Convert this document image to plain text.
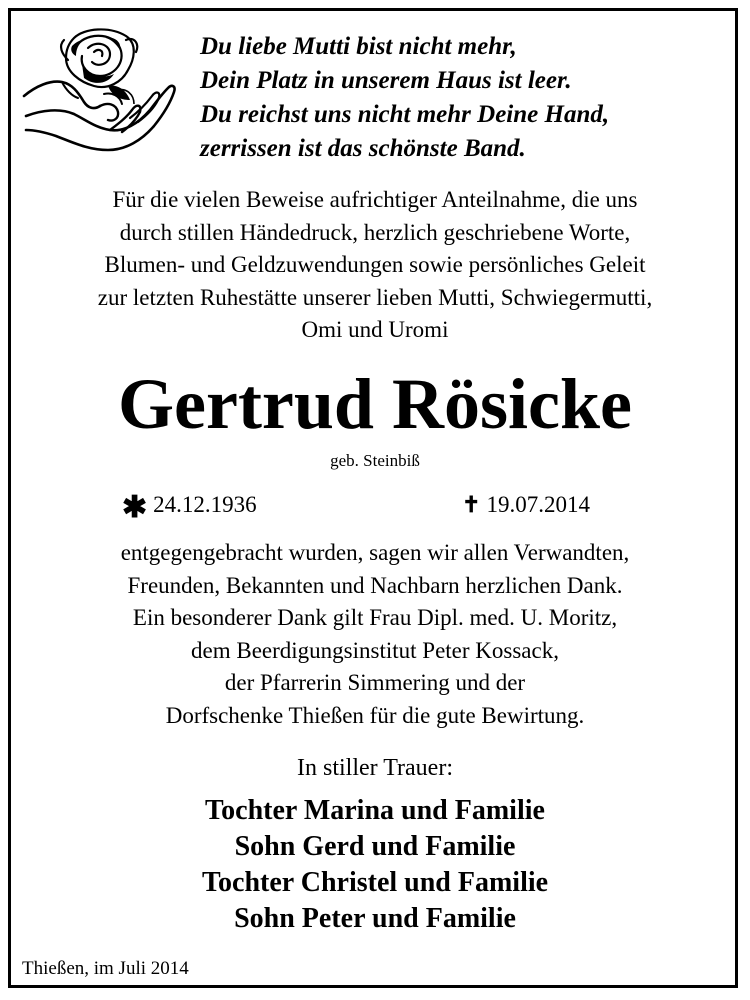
Du liebe Mutti bist nicht mehr,
Dein Platz in unserem Haus ist leer.
Du reichst uns nicht mehr Deine Hand,
zerrissen ist das schönste Band.
Für die vielen Beweise aufrichtiger Anteilnahme, die uns
durch stillen Händedruck, herzlich geschriebene Worte,
Blumen- und Geldzuwendungen sowie persönliches Geleit
zur letzten Ruhestätte unserer lieben Mutti, Schwiegermutti,
Omi und Uromi
Gertrud Rösicke
geb. Steinbiß
✱ 24.12.1936	✝ 19.07.2014
entgegengebracht wurden, sagen wir allen Verwandten,
Freunden, Bekannten und Nachbarn herzlichen Dank.
Ein besonderer Dank gilt Frau Dipl. med. U. Moritz,
dem Beerdigungsinstitut Peter Kossack,
der Pfarrerin Simmering und der
Dorfschenke Thießen für die gute Bewirtung.
In stiller Trauer:
Tochter Marina und Familie
Sohn Gerd und Familie
Tochter Christel und Familie
Sohn Peter und Familie
Thießen, im Juli 2014
